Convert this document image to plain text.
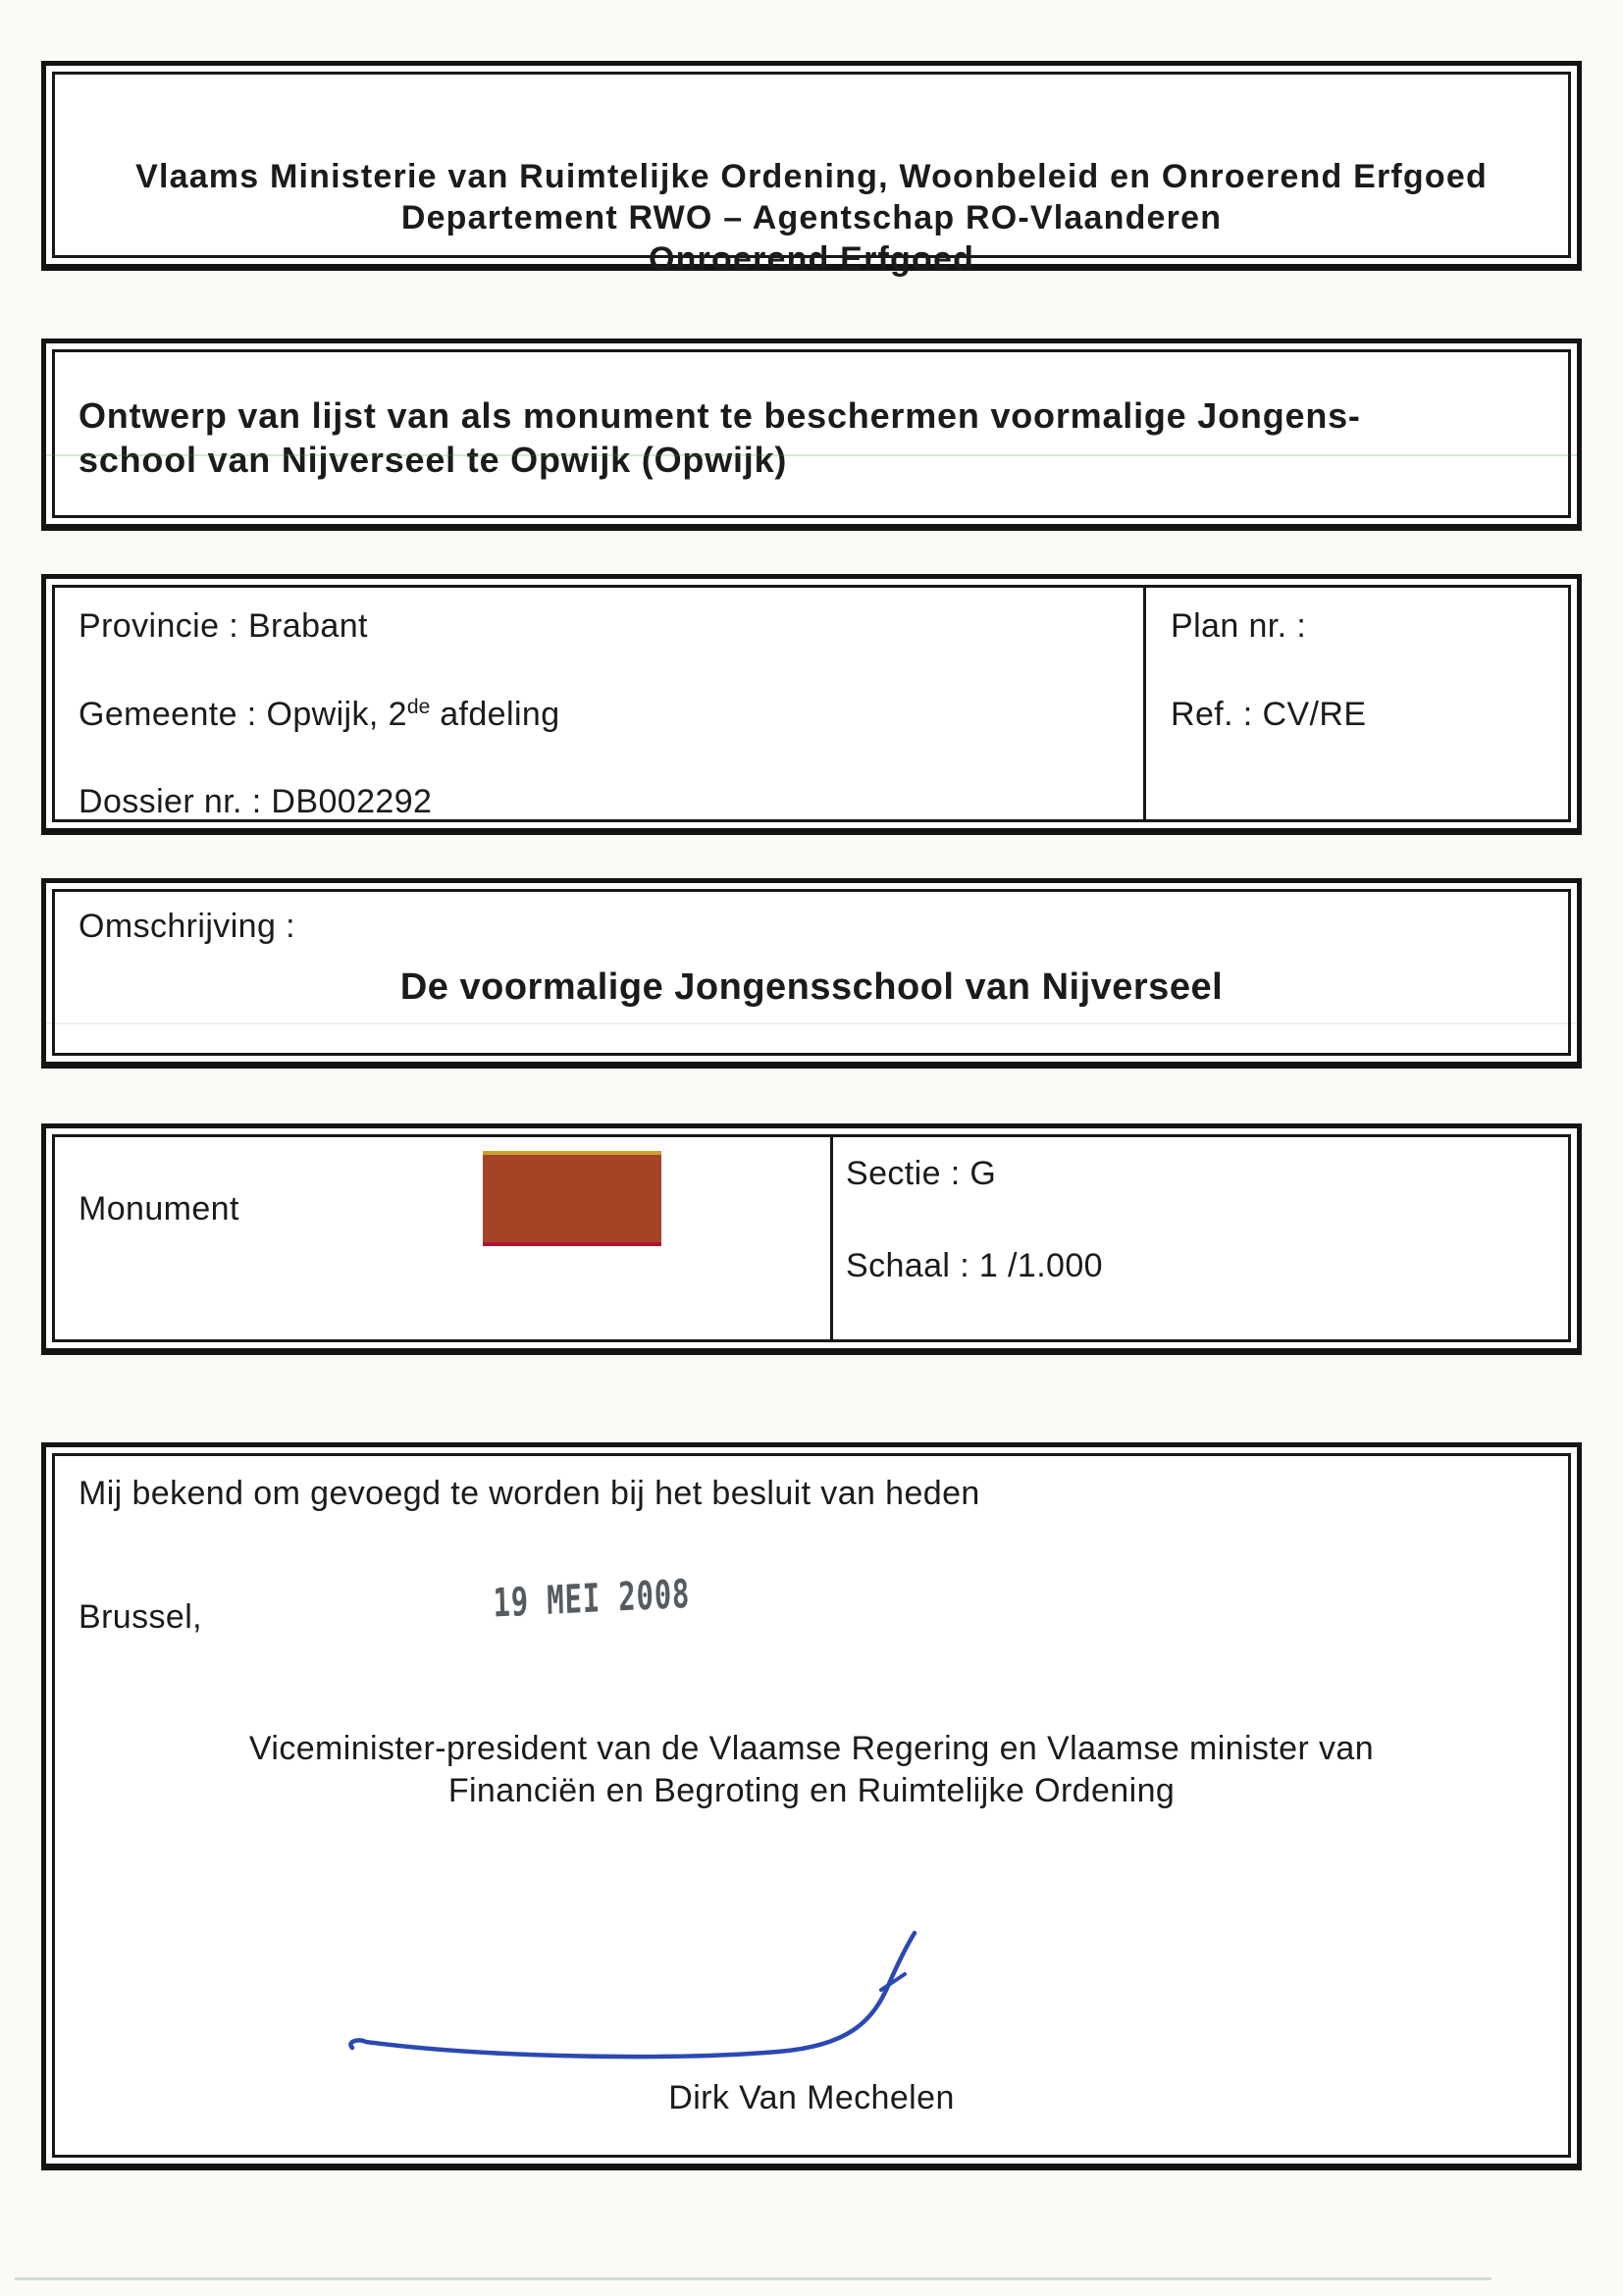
Vlaams Ministerie van Ruimtelijke Ordening, Woonbeleid en Onroerend Erfgoed
Departement RWO – Agentschap RO-Vlaanderen
Onroerend Erfgoed
Ontwerp van lijst van als monument te beschermen voormalige Jongens-
school van Nijverseel te Opwijk (Opwijk)
Provincie : Brabant
Gemeente : Opwijk, 2de afdeling
Dossier nr. : DB002292
Plan nr. :
Ref. : CV/RE
Omschrijving :
De voormalige Jongensschool van Nijverseel
Monument
Sectie : G
Schaal : 1 /1.000
Mij bekend om gevoegd te worden bij het besluit van heden
Brussel,	19 MEI 2008
Viceminister-president van de Vlaamse Regering en Vlaamse minister van
Financiën en Begroting en Ruimtelijke Ordening
Dirk Van Mechelen
